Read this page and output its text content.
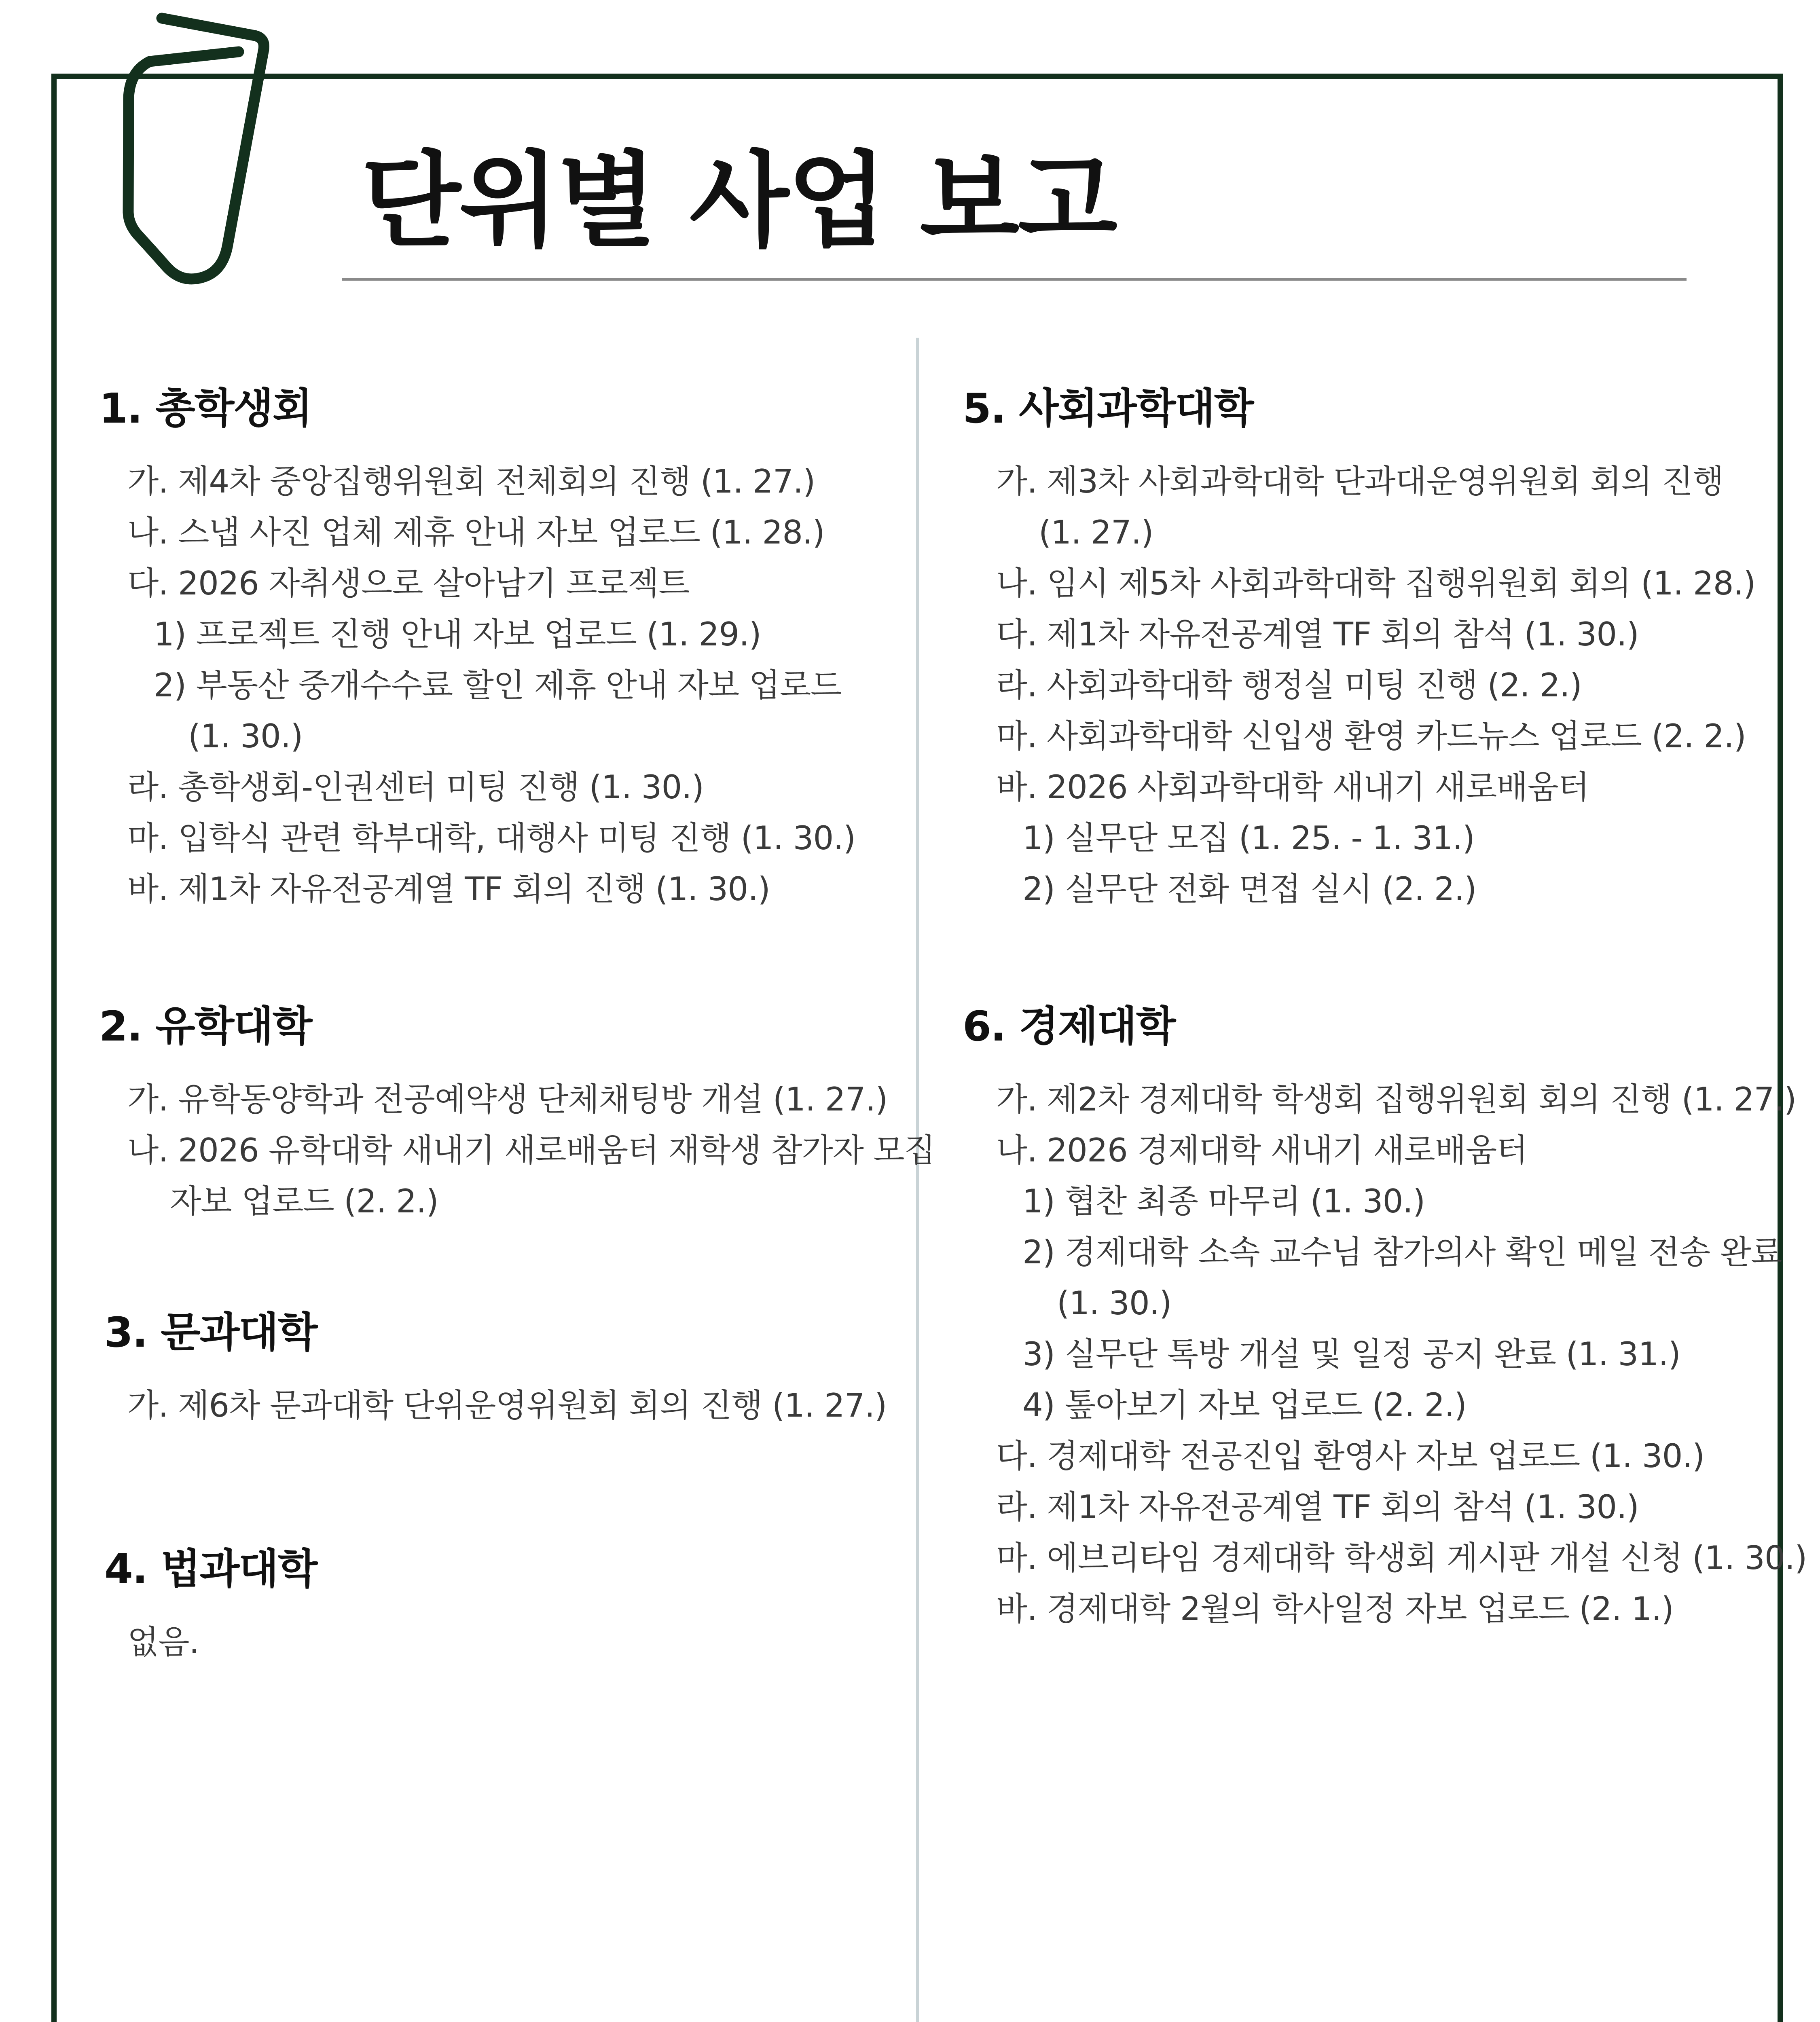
단위별 사업 보고
1. 총학생회
가. 제4차 중앙집행위원회 전체회의 진행 (1. 27.)
나. 스냅 사진 업체 제휴 안내 자보 업로드 (1. 28.)
다. 2026 자취생으로 살아남기 프로젝트
1) 프로젝트 진행 안내 자보 업로드 (1. 29.)
2) 부동산 중개수수료 할인 제휴 안내 자보 업로드
(1. 30.)
라. 총학생회-인권센터 미팅 진행 (1. 30.)
마. 입학식 관련 학부대학, 대행사 미팅 진행 (1. 30.)
바. 제1차 자유전공계열 TF 회의 진행 (1. 30.)
2. 유학대학
가. 유학동양학과 전공예약생 단체채팅방 개설 (1. 27.)
나. 2026 유학대학 새내기 새로배움터 재학생 참가자 모집
자보 업로드 (2. 2.)
3. 문과대학
가. 제6차 문과대학 단위운영위원회 회의 진행 (1. 27.)
4. 법과대학
없음.
5. 사회과학대학
가. 제3차 사회과학대학 단과대운영위원회 회의 진행
(1. 27.)
나. 임시 제5차 사회과학대학 집행위원회 회의 (1. 28.)
다. 제1차 자유전공계열 TF 회의 참석 (1. 30.)
라. 사회과학대학 행정실 미팅 진행 (2. 2.)
마. 사회과학대학 신입생 환영 카드뉴스 업로드 (2. 2.)
바. 2026 사회과학대학 새내기 새로배움터
1) 실무단 모집 (1. 25. - 1. 31.)
2) 실무단 전화 면접 실시 (2. 2.)
6. 경제대학
가. 제2차 경제대학 학생회 집행위원회 회의 진행 (1. 27.)
나. 2026 경제대학 새내기 새로배움터
1) 협찬 최종 마무리 (1. 30.)
2) 경제대학 소속 교수님 참가의사 확인 메일 전송 완료
(1. 30.)
3) 실무단 톡방 개설 및 일정 공지 완료 (1. 31.)
4) 톺아보기 자보 업로드 (2. 2.)
다. 경제대학 전공진입 환영사 자보 업로드 (1. 30.)
라. 제1차 자유전공계열 TF 회의 참석 (1. 30.)
마. 에브리타임 경제대학 학생회 게시판 개설 신청 (1. 30.)
바. 경제대학 2월의 학사일정 자보 업로드 (2. 1.)
